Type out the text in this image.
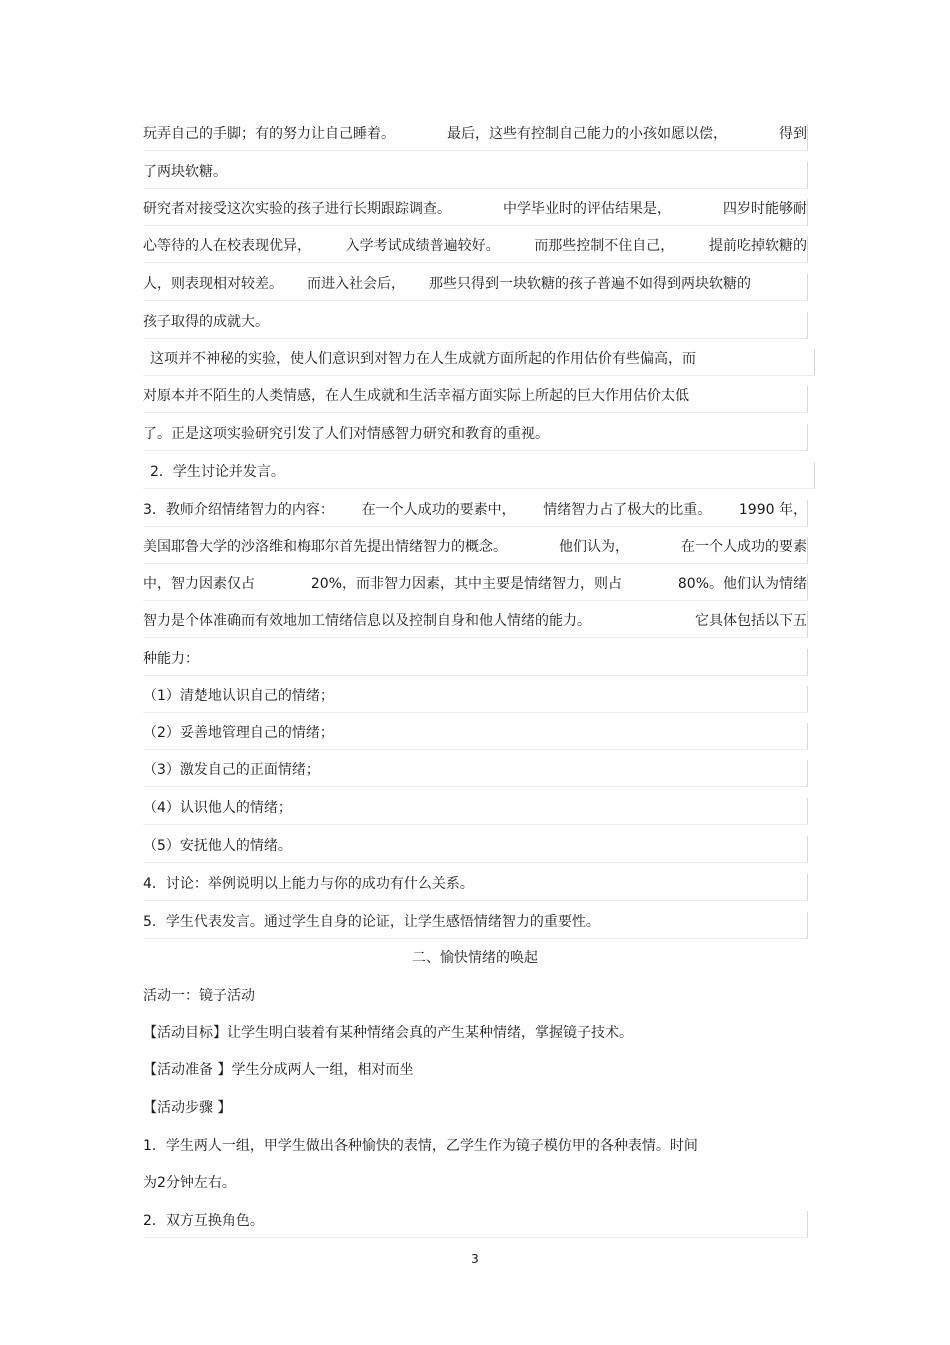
玩弄自己的手脚；有的努力让自己睡着。	最后，这些有控制自己能力的小孩如愿以偿，	得到
了两块软糖。
研究者对接受这次实验的孩子进行长期跟踪调查。	中学毕业时的评估结果是，	四岁时能够耐
心等待的人在校表现优异， 入学考试成绩普遍较好。 而那些控制不住自己， 提前吃掉软糖的
人，则表现相对较差。 而进入社会后， 那些只得到一块软糖的孩子普遍不如得到两块软糖的
孩子取得的成就大。
这项并不神秘的实验，使人们意识到对智力在人生成就方面所起的作用估价有些偏高，而
对原本并不陌生的人类情感，在人生成就和生活幸福方面实际上所起的巨大作用估价太低
了。正是这项实验研究引发了人们对情感智力研究和教育的重视。
2．学生讨论并发言。
3．教师介绍情绪智力的内容： 在一个人成功的要素中， 情绪智力占了极大的比重。 1990 年，
美国耶鲁大学的沙洛维和梅耶尔首先提出情绪智力的概念。	他们认为，	在一个人成功的要素
中，智力因素仅占	20%，而非智力因素，其中主要是情绪智力，则占	80%。他们认为情绪
智力是个体准确而有效地加工情绪信息以及控制自身和他人情绪的能力。	它具体包括以下五
种能力：
（1）清楚地认识自己的情绪；
（2）妥善地管理自己的情绪；
（3）激发自己的正面情绪；
（4）认识他人的情绪；
（5）安抚他人的情绪。
4．讨论：举例说明以上能力与你的成功有什么关系。
5．学生代表发言。通过学生自身的论证，让学生感悟情绪智力的重要性。
二、愉快情绪的唤起
活动一：镜子活动
【活动目标】让学生明白装着有某种情绪会真的产生某种情绪，掌握镜子技术。
【活动准备 】学生分成两人一组，相对而坐
【活动步骤 】
1．学生两人一组，甲学生做出各种愉快的表情，乙学生作为镜子模仿甲的各种表情。时间
为2分钟左右。
2．双方互换角色。
3
